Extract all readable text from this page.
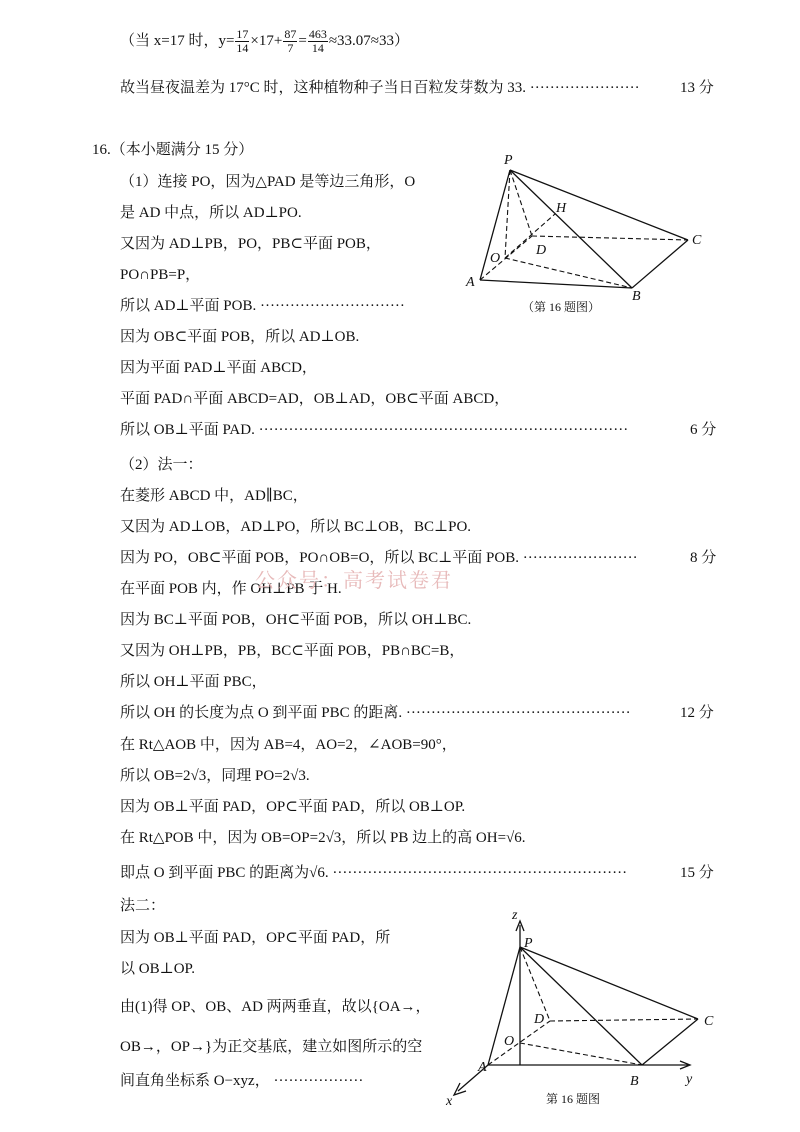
（当 x=17 时，$y= \frac{17}{14} \times 17+ \frac{87}{7} = \frac{463}{14} \approx 33.07\approx 33$）
故当昼夜温差为 17°C 时，这种植物种子当日百粒发芽数为 33. ······················	13 分
16.（本小题满分 15 分）
（1）连接 PO，因为△PAD 是等边三角形，O
是 AD 中点，所以 AD⊥PO.
又因为 AD⊥PB，PO，PB⊂平面 POB，
PO∩PB=P，
所以 AD⊥平面 POB. ·····························
因为 OB⊂平面 POB，所以 AD⊥OB.
因为平面 PAD⊥平面 ABCD，
平面 PAD∩平面 ABCD=AD，OB⊥AD，OB⊂平面 ABCD，
所以 OB⊥平面 PAD. ··········································································	6 分
（2）法一：
在菱形 ABCD 中，AD∥BC，
又因为 AD⊥OB，AD⊥PO，所以 BC⊥OB，BC⊥PO.
因为 PO，OB⊂平面 POB，PO∩OB=O，所以 BC⊥平面 POB. ·······················	8 分
在平面 POB 内，作 OH⊥PB 于 H.
因为 BC⊥平面 POB，OH⊂平面 POB，所以 OH⊥BC.
又因为 OH⊥PB，PB，BC⊂平面 POB，PB∩BC=B，
所以 OH⊥平面 PBC，
所以 OH 的长度为点 O 到平面 PBC 的距离. ·············································	12 分
在 Rt△AOB 中，因为 AB=4，AO=2，∠AOB=90°，
所以 OB=2√3，同理 PO=2√3.
因为 OB⊥平面 PAD，OP⊂平面 PAD，所以 OB⊥OP.
在 Rt△POB 中，因为 OB=OP=2√3，所以 PB 边上的高 OH=√6.
即点 O 到平面 PBC 的距离为√6. ···························································	15 分
法二：
因为 OB⊥平面 PAD，OP⊂平面 PAD，所
以 OB⊥OP.
由(1)得 OP、OB、AD 两两垂直，故以{OA→，
OB→，OP→}为正交基底，建立如图所示的空
间直角坐标系 O−xyz， ··················
公众号：高考试卷君
P
H
C
D
O
A
B
（第 16 题图）
z
P
D	C
O
A
B	y
x	第 16 题图
